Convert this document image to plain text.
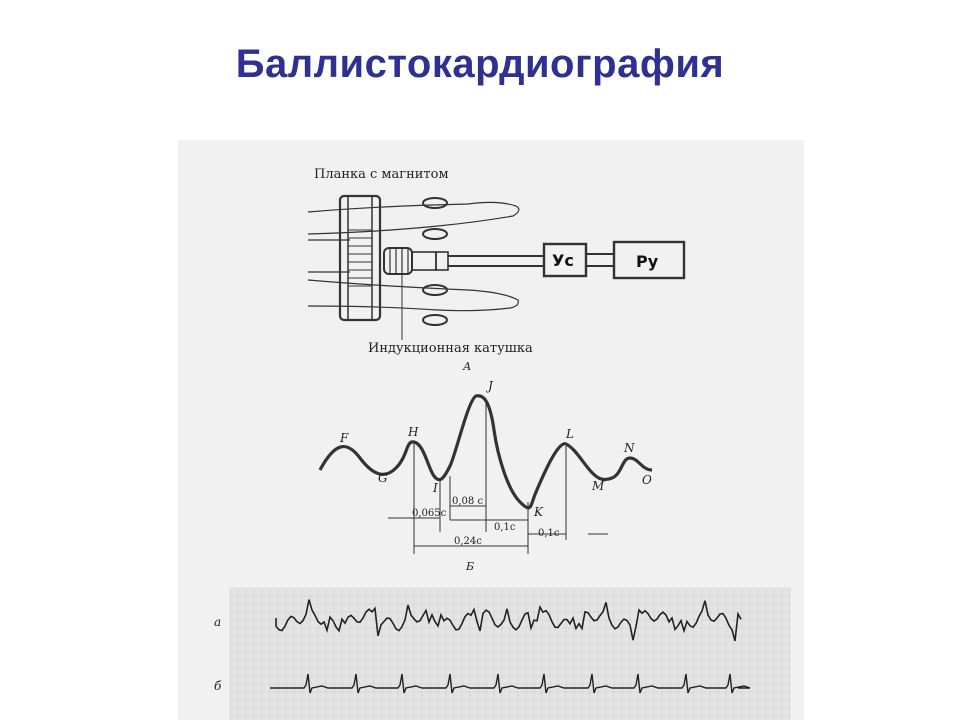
Баллистокардиография
Планка с магнитом
Ус	Ру
Индукционная катушка
А
F
G
H
I
J
K
L
M
N
O
0,08 с
0,065с
0,1с
0,1с
0,24с
Б
а
б
